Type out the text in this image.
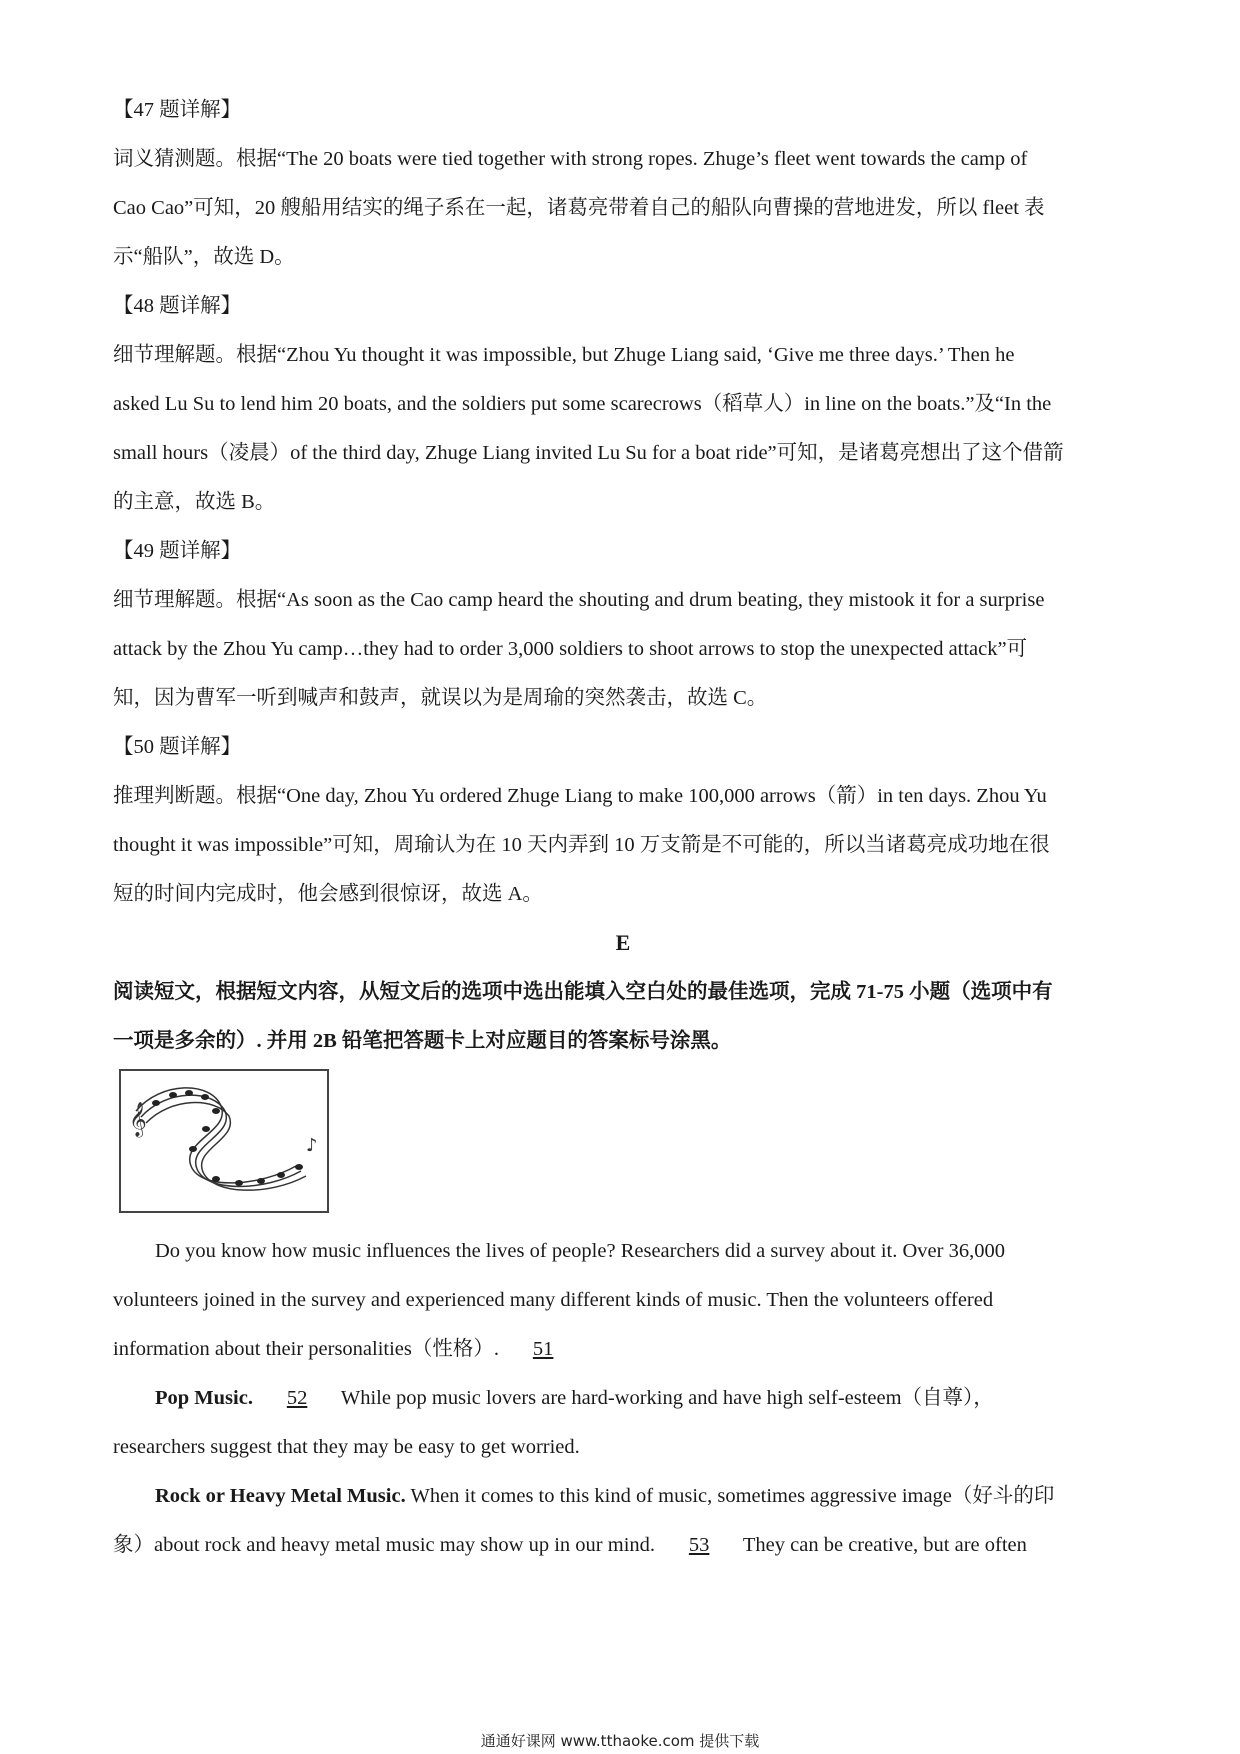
【47 题详解】
词义猜测题。根据“The 20 boats were tied together with strong ropes. Zhuge’s fleet went towards the camp of
Cao Cao”可知，20 艘船用结实的绳子系在一起，诸葛亮带着自己的船队向曹操的营地进发，所以 fleet 表
示“船队”，故选 D。
【48 题详解】
细节理解题。根据“Zhou Yu thought it was impossible, but Zhuge Liang said, ‘Give me three days.’ Then he
asked Lu Su to lend him 20 boats, and the soldiers put some scarecrows（稻草人）in line on the boats.”及“In the
small hours（凌晨）of the third day, Zhuge Liang invited Lu Su for a boat ride”可知，是诸葛亮想出了这个借箭
的主意，故选 B。
【49 题详解】
细节理解题。根据“As soon as the Cao camp heard the shouting and drum beating, they mistook it for a surprise
attack by the Zhou Yu camp…they had to order 3,000 soldiers to shoot arrows to stop the unexpected attack”可
知，因为曹军一听到喊声和鼓声，就误以为是周瑜的突然袭击，故选 C。
【50 题详解】
推理判断题。根据“One day, Zhou Yu ordered Zhuge Liang to make 100,000 arrows（箭）in ten days. Zhou Yu
thought it was impossible”可知，周瑜认为在 10 天内弄到 10 万支箭是不可能的，所以当诸葛亮成功地在很
短的时间内完成时，他会感到很惊讶，故选 A。
E
阅读短文，根据短文内容，从短文后的选项中选出能填入空白处的最佳选项，完成 71-75 小题（选项中有
一项是多余的）. 并用 2B 铅笔把答题卡上对应题目的答案标号涂黑。
𝄞
♪
Do you know how music influences the lives of people? Researchers did a survey about it. Over 36,000
volunteers joined in the survey and experienced many different kinds of music. Then the volunteers offered
information about their personalities（性格）. 51
Pop Music. 52 While pop music lovers are hard-working and have high self-esteem（自尊），
researchers suggest that they may be easy to get worried.
Rock or Heavy Metal Music. When it comes to this kind of music, sometimes aggressive image（好斗的印
象）about rock and heavy metal music may show up in our mind. 53 They can be creative, but are often
通通好课网 www.tthaoke.com 提供下载
